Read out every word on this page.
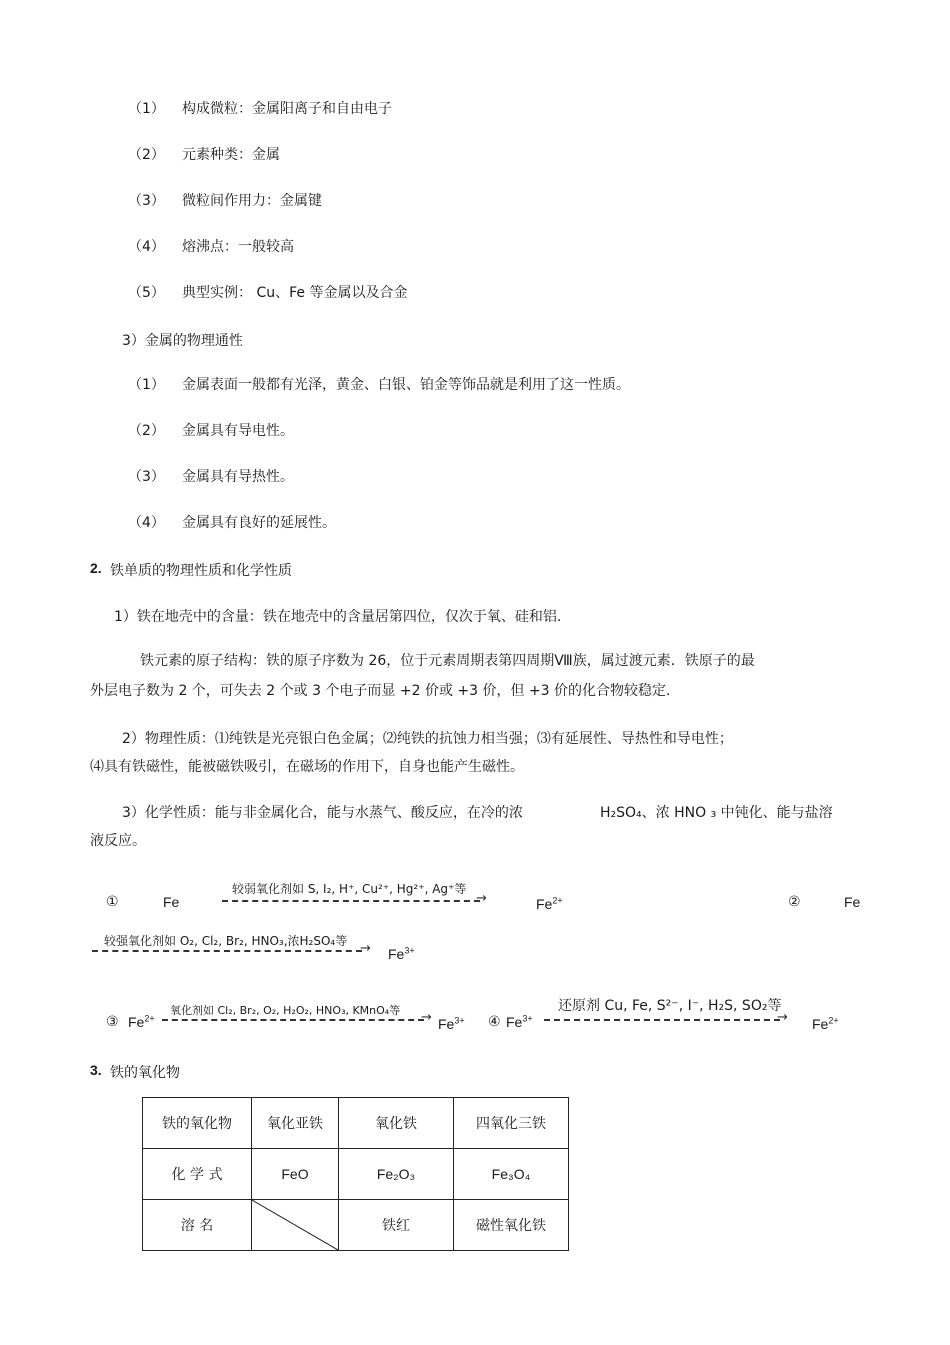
（1） 构成微粒：金属阳离子和自由电子
（2） 元素种类：金属
（3） 微粒间作用力：金属键
（4） 熔沸点：一般较高
（5） 典型实例： Cu、Fe 等金属以及合金
3）金属的物理通性
（1） 金属表面一般都有光泽，黄金、白银、铂金等饰品就是利用了这一性质。
（2） 金属具有导电性。
（3） 金属具有导热性。
（4） 金属具有良好的延展性。
2. 铁单质的物理性质和化学性质
1）铁在地壳中的含量：铁在地壳中的含量居第四位，仅次于氧、硅和铝.
铁元素的原子结构：铁的原子序数为 26，位于元素周期表第四周期Ⅷ族，属过渡元素．铁原子的最
外层电子数为 2 个，可失去 2 个或 3 个电子而显 +2 价或 +3 价，但 +3 价的化合物较稳定.
2）物理性质：⑴纯铁是光亮银白色金属；⑵纯铁的抗蚀力相当强；⑶有延展性、导热性和导电性；
⑷具有铁磁性，能被磁铁吸引，在磁场的作用下，自身也能产生磁性。
3）化学性质：能与非金属化合，能与水蒸气、酸反应，在冷的浓	H₂SO₄、浓 HNO ₃ 中钝化、能与盐溶
液反应。
①	Fe
较弱氧化剂如 S, I₂, H⁺, Cu²⁺, Hg²⁺, Ag⁺等
→	$Fe^{2+}$	②	Fe
较强氧化剂如 O₂, Cl₂, Br₂, HNO₃,浓H₂SO₄等 → $Fe^{3+}$
③ $Fe^{2+}$
氧化剂如 Cl₂, Br₂, O₂, H₂O₂, HNO₃, KMnO₄等 → $Fe^{3+}$ ④ $Fe^{3+}$
还原剂 Cu, Fe, S²⁻, I⁻, H₂S, SO₂等
→ $Fe^{2+}$
3. 铁的氧化物
铁的氧化物	氧化亚铁	氧化铁	四氧化三铁
化 学 式	FeO	Fe₂O₃	Fe₃O₄
溶 名		铁红	磁性氧化铁
